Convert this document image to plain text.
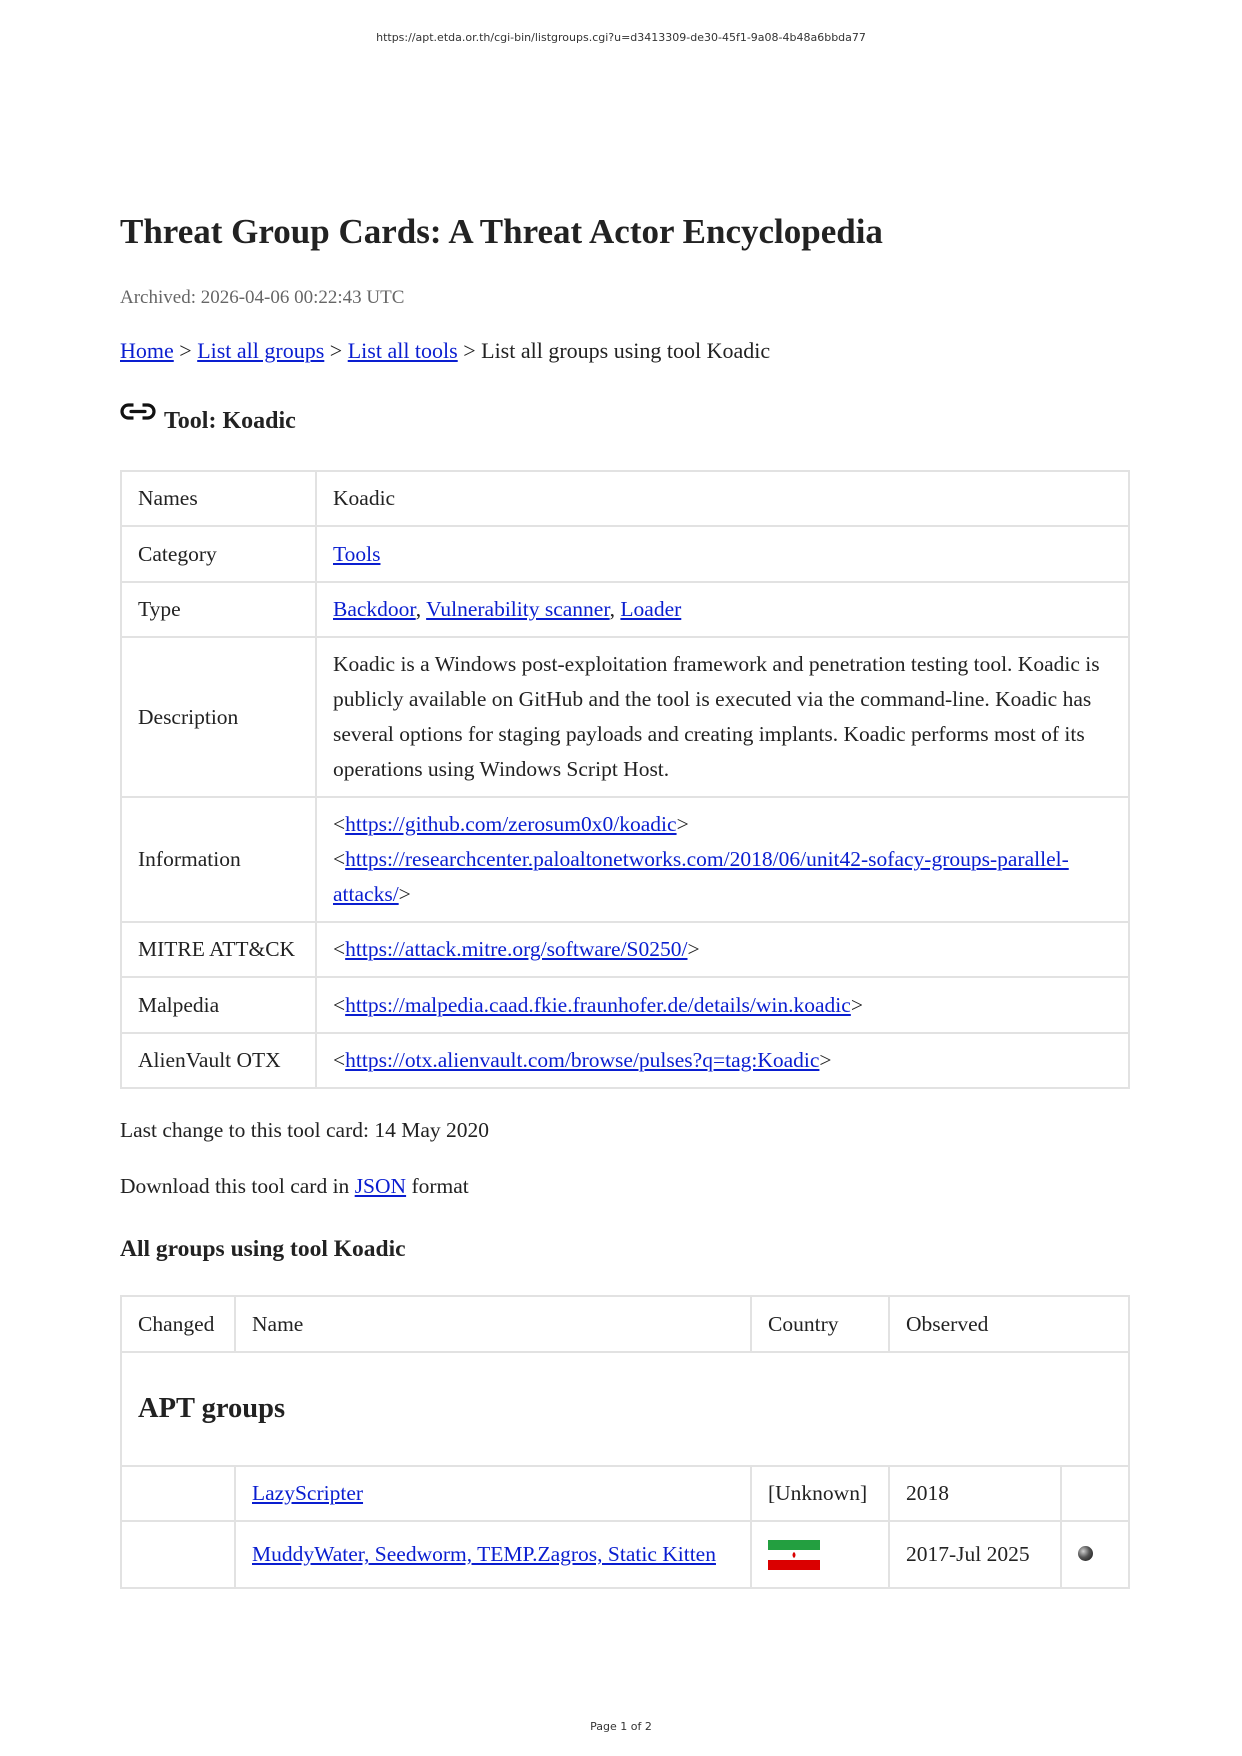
https://apt.etda.or.th/cgi-bin/listgroups.cgi?u=d3413309-de30-45f1-9a08-4b48a6bbda77
Threat Group Cards: A Threat Actor Encyclopedia
Archived: 2026-04-06 00:22:43 UTC
Home > List all groups > List all tools > List all groups using tool Koadic
Tool: Koadic
Names	Koadic
Category	Tools
Type	Backdoor, Vulnerability scanner, Loader
Description	Koadic is a Windows post-exploitation framework and penetration testing tool. Koadic is publicly available on GitHub and the tool is executed via the command-line. Koadic has several options for staging payloads and creating implants. Koadic performs most of its operations using Windows Script Host.
Information	<https://github.com/zerosum0x0/koadic>
<https://researchcenter.paloaltonetworks.com/2018/06/unit42-sofacy-groups-parallel-attacks/>
MITRE ATT&CK	<https://attack.mitre.org/software/S0250/>
Malpedia	<https://malpedia.caad.fkie.fraunhofer.de/details/win.koadic>
AlienVault OTX	<https://otx.alienvault.com/browse/pulses?q=tag:Koadic>
Last change to this tool card: 14 May 2020
Download this tool card in JSON format
All groups using tool Koadic
Changed	Name	Country	Observed	
APT groups				
	LazyScripter	[Unknown]	2018	
	MuddyWater, Seedworm, TEMP.Zagros, Static Kitten		2017-Jul 2025	
Page 1 of 2
